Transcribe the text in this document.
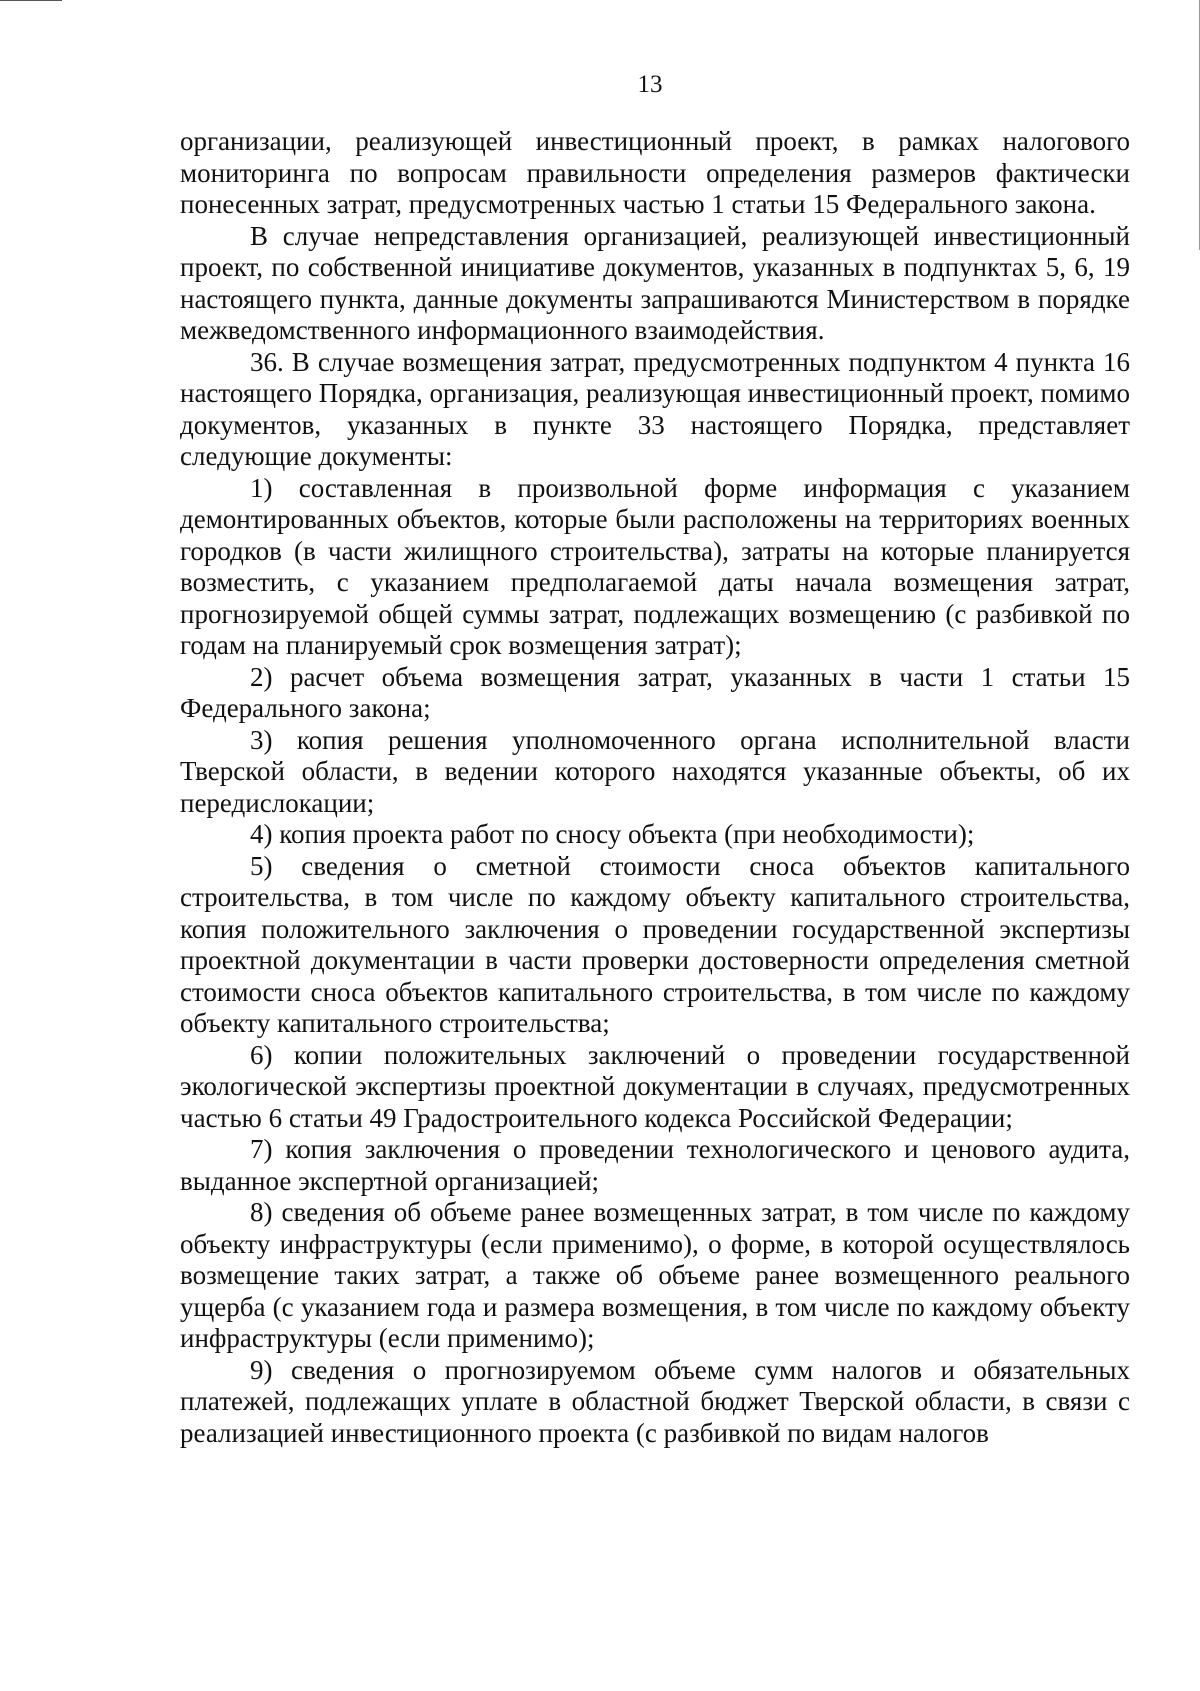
13

организации, реализующей инвестиционный проект, в рамках налогового мониторинга по вопросам правильности определения размеров фактически понесенных затрат, предусмотренных частью 1 статьи 15 Федерального закона.

В случае непредставления организацией, реализующей инвестиционный проект, по собственной инициативе документов, указанных в подпунктах 5, 6, 19 настоящего пункта, данные документы запрашиваются Министерством в порядке межведомственного информационного взаимодействия.

36. В случае возмещения затрат, предусмотренных подпунктом 4 пункта 16 настоящего Порядка, организация, реализующая инвестиционный проект, помимо документов, указанных в пункте 33 настоящего Порядка, представляет следующие документы:

1) составленная в произвольной форме информация с указанием демонтированных объектов, которые были расположены на территориях военных городков (в части жилищного строительства), затраты на которые планируется возместить, с указанием предполагаемой даты начала возмещения затрат, прогнозируемой общей суммы затрат, подлежащих возмещению (с разбивкой по годам на планируемый срок возмещения затрат);

2) расчет объема возмещения затрат, указанных в части 1 статьи 15 Федерального закона;

3) копия решения уполномоченного органа исполнительной власти Тверской области, в ведении которого находятся указанные объекты, об их передислокации;

4) копия проекта работ по сносу объекта (при необходимости);

5) сведения о сметной стоимости сноса объектов капитального строительства, в том числе по каждому объекту капитального строительства, копия положительного заключения о проведении государственной экспертизы проектной документации в части проверки достоверности определения сметной стоимости сноса объектов капитального строительства, в том числе по каждому объекту капитального строительства;

6) копии положительных заключений о проведении государственной экологической экспертизы проектной документации в случаях, предусмотренных частью 6 статьи 49 Градостроительного кодекса Российской Федерации;

7) копия заключения о проведении технологического и ценового аудита, выданное экспертной организацией;

8) сведения об объеме ранее возмещенных затрат, в том числе по каждому объекту инфраструктуры (если применимо), о форме, в которой осуществлялось возмещение таких затрат, а также об объеме ранее возмещенного реального ущерба (с указанием года и размера возмещения, в том числе по каждому объекту инфраструктуры (если применимо);

9) сведения о прогнозируемом объеме сумм налогов и обязательных платежей, подлежащих уплате в областной бюджет Тверской области, в связи с реализацией инвестиционного проекта (с разбивкой по видам налогов
